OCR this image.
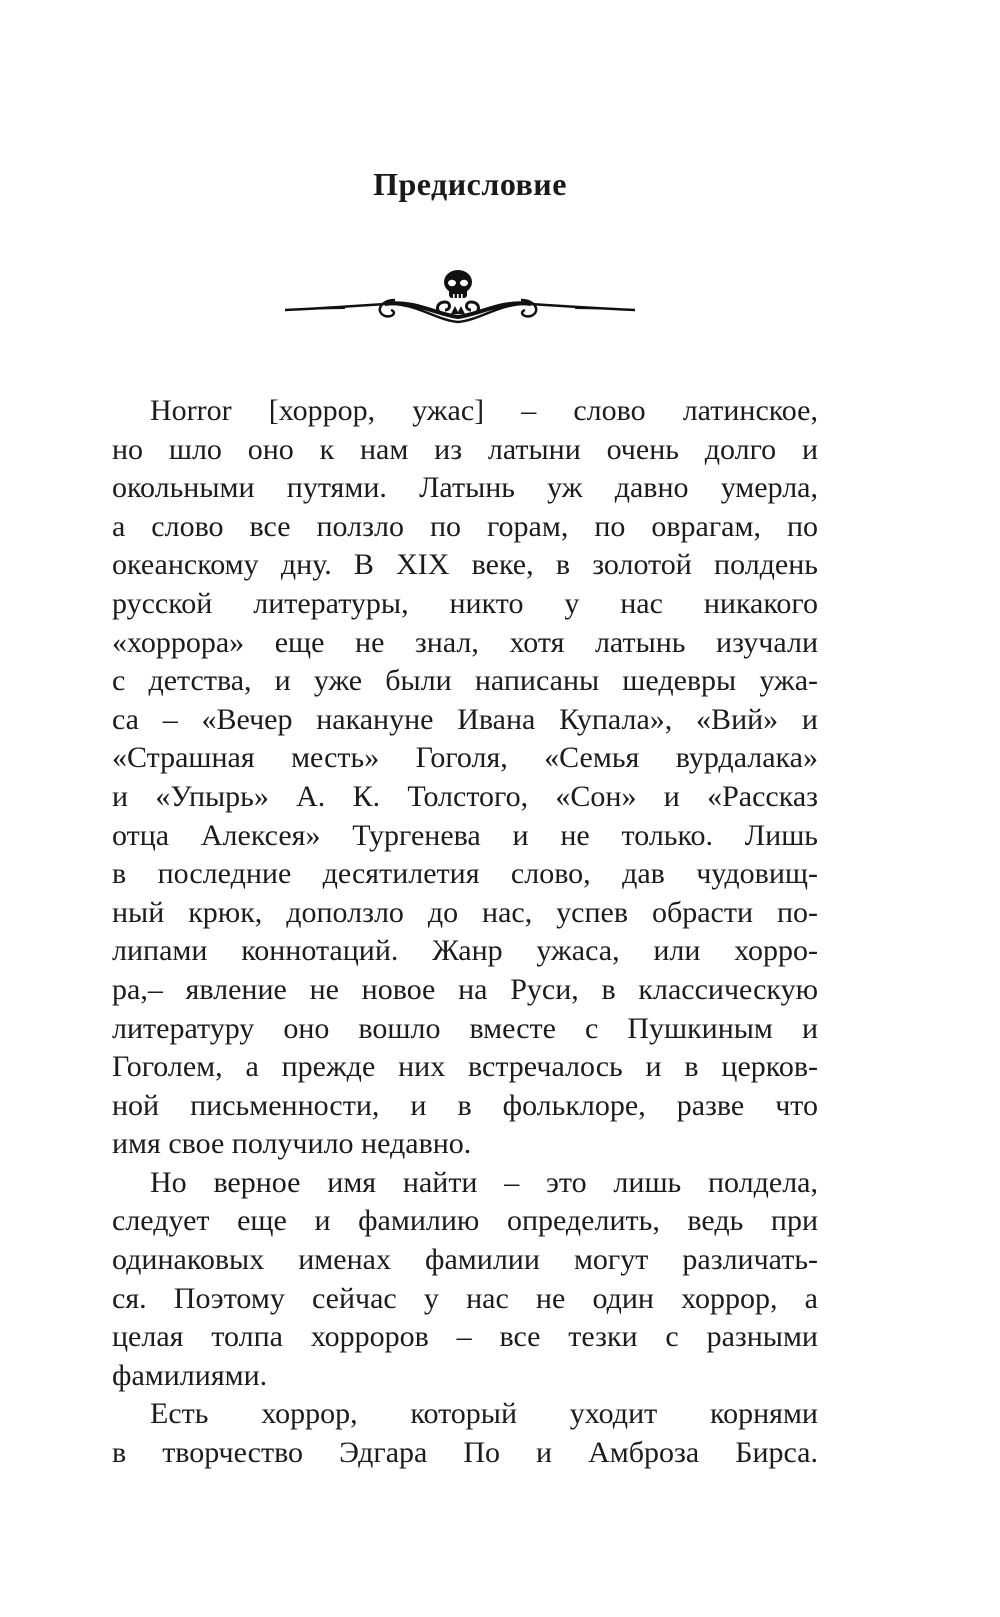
Предисловие
Horror [хоррор, ужас] – слово латинское,
но шло оно к нам из латыни очень долго и
окольными путями. Латынь уж давно умерла,
а слово все ползло по горам, по оврагам, по
океанскому дну. В XIX веке, в золотой полдень
русской литературы, никто у нас никакого
«хоррора» еще не знал, хотя латынь изучали
с детства, и уже были написаны шедевры ужа-
са – «Вечер накануне Ивана Купала», «Вий» и
«Страшная месть» Гоголя, «Семья вурдалака»
и «Упырь» А. К. Толстого, «Сон» и «Рассказ
отца Алексея» Тургенева и не только. Лишь
в последние десятилетия слово, дав чудовищ-
ный крюк, доползло до нас, успев обрасти по-
липами коннотаций. Жанр ужаса, или хорро-
ра,– явление не новое на Руси, в классическую
литературу оно вошло вместе с Пушкиным и
Гоголем, а прежде них встречалось и в церков-
ной письменности, и в фольклоре, разве что
имя свое получило недавно.
Но верное имя найти – это лишь полдела,
следует еще и фамилию определить, ведь при
одинаковых именах фамилии могут различать-
ся. Поэтому сейчас у нас не один хоррор, а
целая толпа хорроров – все тезки с разными
фамилиями.
Есть хоррор, который уходит корнями
в творчество Эдгара По и Амброза Бирса.
